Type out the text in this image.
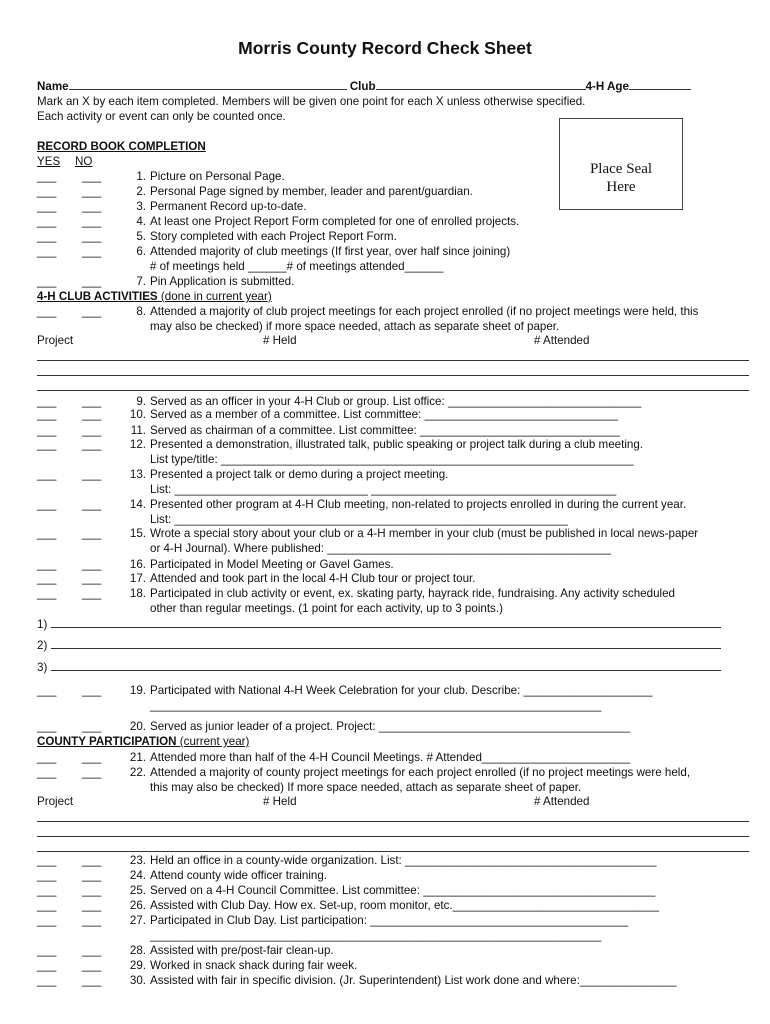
Morris County Record Check Sheet
Name	Club	4-H Age
Mark an X by each item completed. Members will be given one point for each X unless otherwise specified.
Each activity or event can only be counted once.
Place Seal
Here
RECORD BOOK COMPLETION
YES NO
___ ___	1. Picture on Personal Page.
___ ___	2. Personal Page signed by member, leader and parent/guardian.
___ ___	3. Permanent Record up-to-date.
___ ___	4. At least one Project Report Form completed for one of enrolled projects.
___ ___	5. Story completed with each Project Report Form.
___ ___	6. Attended majority of club meetings (If first year, over half since joining)
# of meetings held ______# of meetings attended______
___ ___	7. Pin Application is submitted.
___ ___	8. Attended a majority of club project meetings for each project enrolled (if no project meetings were held, this
may also be checked) if more space needed, attach as separate sheet of paper.
___ ___	9. Served as an officer in your 4-H Club or group. List office: ______________________________
___ ___	10. Served as a member of a committee. List committee: ______________________________
___ ___	11. Served as chairman of a committee. List committee: _______________________________
___ ___	12. Presented a demonstration, illustrated talk, public speaking or project talk during a club meeting.
List type/title: ________________________________________________________________
___ ___	13. Presented a project talk or demo during a project meeting.
List: ______________________________ ______________________________________
___ ___	14. Presented other program at 4-H Club meeting, non-related to projects enrolled in during the current year.
List: _____________________________________________________________
___ ___	15. Wrote a special story about your club or a 4-H member in your club (must be published in local news-paper
or 4-H Journal). Where published: ____________________________________________
___ ___	16. Participated in Model Meeting or Gavel Games.
___ ___	17. Attended and took part in the local 4-H Club tour or project tour.
___ ___	18. Participated in club activity or event, ex. skating party, hayrack ride, fundraising. Any activity scheduled
other than regular meetings. (1 point for each activity, up to 3 points.)
___ ___	19. Participated with National 4-H Week Celebration for your club. Describe: ____________________
______________________________________________________________________
___ ___	20. Served as junior leader of a project. Project: _______________________________________
___ ___	21. Attended more than half of the 4-H Council Meetings. # Attended_______________________
___ ___	22. Attended a majority of county project meetings for each project enrolled (if no project meetings were held,
this may also be checked) If more space needed, attach as separate sheet of paper.
___ ___	23. Held an office in a county-wide organization. List: _______________________________________
___ ___	24. Attend county wide officer training.
___ ___	25. Served on a 4-H Council Committee. List committee: ____________________________________
___ ___	26. Assisted with Club Day. How ex. Set-up, room monitor, etc.________________________________
___ ___	27. Participated in Club Day. List participation: ________________________________________
______________________________________________________________________
___ ___	28. Assisted with pre/post-fair clean-up.
___ ___	29. Worked in snack shack during fair week.
___ ___	30. Assisted with fair in specific division. (Jr. Superintendent) List work done and where:_______________
4-H CLUB ACTIVITIES (done in current year)
Project	# Held	# Attended
1)
2)
3)
COUNTY PARTICIPATION (current year)
Project	# Held	# Attended
